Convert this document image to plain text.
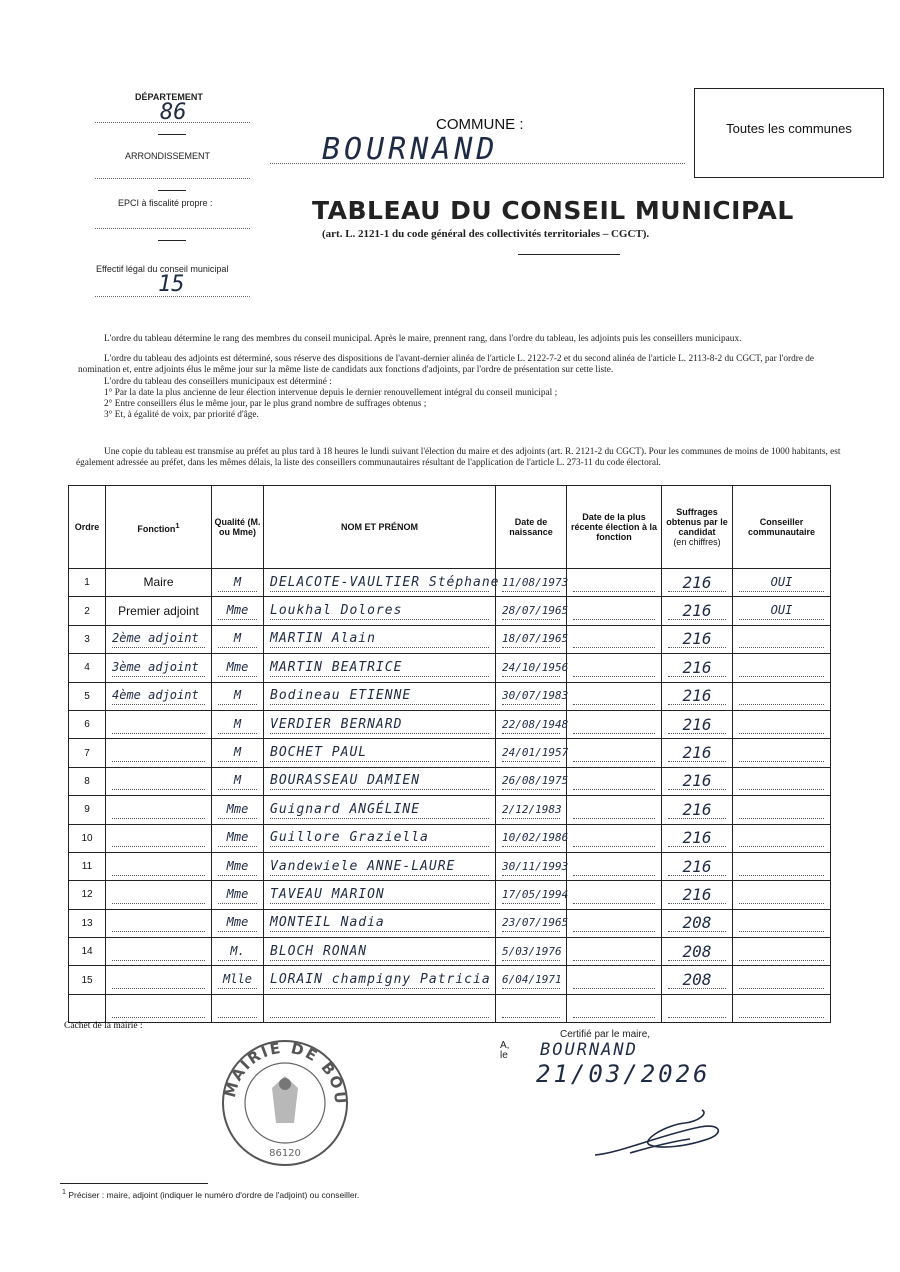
DÉPARTEMENT
86
ARRONDISSEMENT
EPCI à fiscalité propre :
Effectif légal du conseil municipal
15
COMMUNE :
BOURNAND
Toutes les communes
TABLEAU DU CONSEIL MUNICIPAL
(art. L. 2121-1 du code général des collectivités territoriales – CGCT).
L'ordre du tableau détermine le rang des membres du conseil municipal. Après le maire, prennent rang, dans l'ordre du tableau, les adjoints puis les conseillers municipaux.
L'ordre du tableau des adjoints est déterminé, sous réserve des dispositions de l'avant-dernier alinéa de l'article L. 2122-7-2 et du second alinéa de l'article L. 2113-8-2 du CGCT, par l'ordre de nomination et, entre adjoints élus le même jour sur la même liste de candidats aux fonctions d'adjoints, par l'ordre de présentation sur cette liste.
L'ordre du tableau des conseillers municipaux est déterminé :
1° Par la date la plus ancienne de leur élection intervenue depuis le dernier renouvellement intégral du conseil municipal ;
2° Entre conseillers élus le même jour, par le plus grand nombre de suffrages obtenus ;
3° Et, à égalité de voix, par priorité d'âge.
Une copie du tableau est transmise au préfet au plus tard à 18 heures le lundi suivant l'élection du maire et des adjoints (art. R. 2121-2 du CGCT). Pour les communes de moins de 1000 habitants, est également adressée au préfet, dans les mêmes délais, la liste des conseillers communautaires résultant de l'application de l'article L. 273-11 du code électoral.
Ordre	Fonction$^1$	Qualité (M. ou Mme)	NOM ET PRÉNOM	Date de naissance	Date de la plus récente élection à la fonction	Suffrages obtenus par le candidat
(en chiffres)	Conseiller communautaire
1	Maire	M	DELACOTE-VAULTIER Stéphane	11/08/1973		216	OUI

2	Premier adjoint	Mme	Loukhal Dolores	28/07/1965		216	OUI

3	2ème adjoint	M	MARTIN Alain	18/07/1965		216	

4	3ème adjoint	Mme	MARTIN BEATRICE	24/10/1956		216	

5	4ème adjoint	M	Bodineau ETIENNE	30/07/1983		216	

6		M	VERDIER BERNARD	22/08/1948		216	

7		M	BOCHET PAUL	24/01/1957		216	

8		M	BOURASSEAU DAMIEN	26/08/1975		216	

9		Mme	Guignard ANGÉLINE	2/12/1983		216	

10		Mme	Guillore Graziella	10/02/1986		216	

11		Mme	Vandewiele ANNE-LAURE	30/11/1993		216	

12		Mme	TAVEAU MARION	17/05/1994		216	

13		Mme	MONTEIL Nadia	23/07/1965		208	

14		M.	BLOCH RONAN	5/03/1976		208	

15		Mlle	LORAIN champigny Patricia	6/04/1971		208	

Cachet de la mairie :
MAIRIE DE BOU
86120
Certifié par le maire,
A,
le BOURNAND
21/03/2026
$^1$ Préciser : maire, adjoint (indiquer le numéro d'ordre de l'adjoint) ou conseiller.
